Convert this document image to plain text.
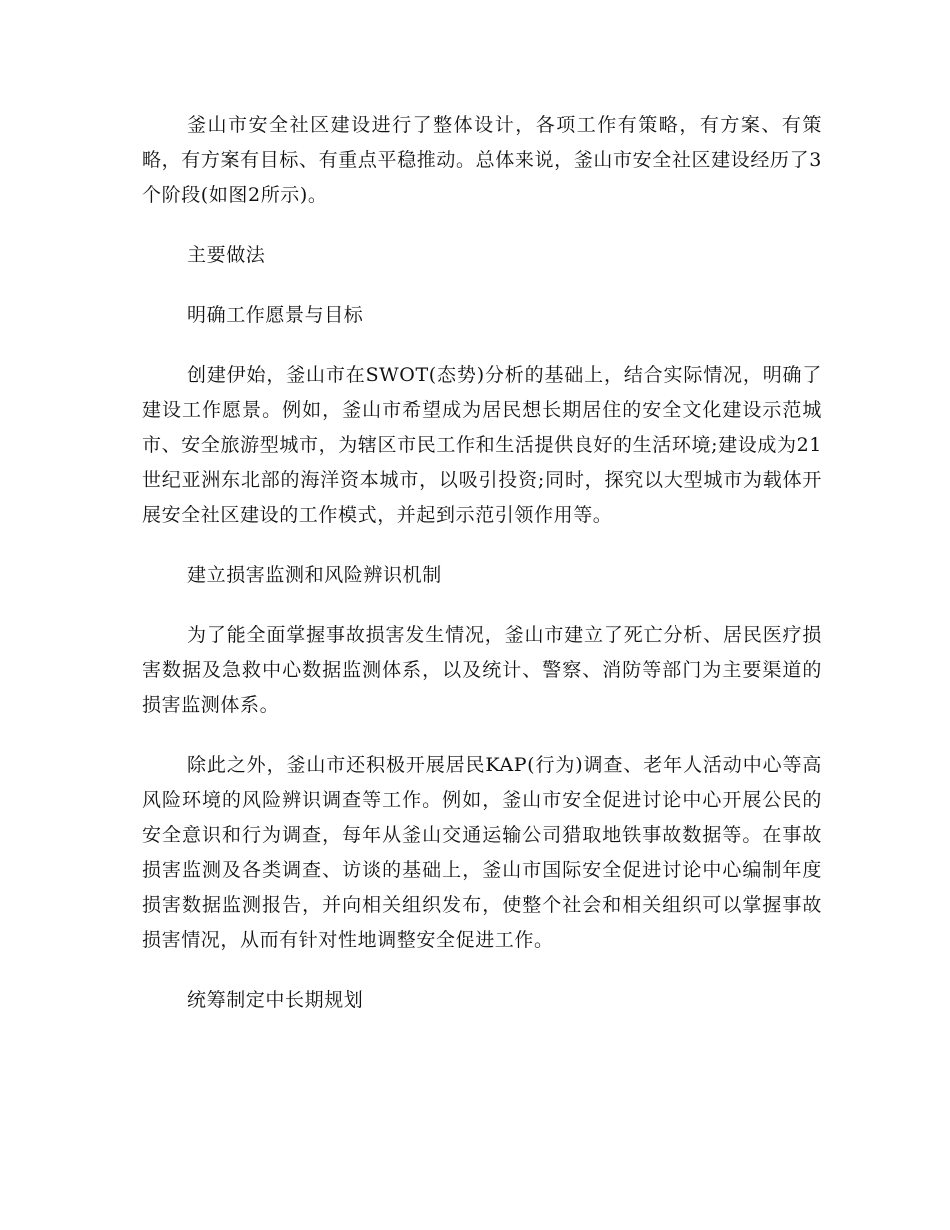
釜山市安全社区建设进行了整体设计，各项工作有策略，有方案、有策略，有方案有目标、有重点平稳推动。总体来说，釜山市安全社区建设经历了3个阶段(如图2所示)。

主要做法

明确工作愿景与目标

创建伊始，釜山市在SWOT(态势)分析的基础上，结合实际情况，明确了建设工作愿景。例如，釜山市希望成为居民想长期居住的安全文化建设示范城市、安全旅游型城市，为辖区市民工作和生活提供良好的生活环境;建设成为21世纪亚洲东北部的海洋资本城市，以吸引投资;同时，探究以大型城市为载体开展安全社区建设的工作模式，并起到示范引领作用等。

建立损害监测和风险辨识机制

为了能全面掌握事故损害发生情况，釜山市建立了死亡分析、居民医疗损害数据及急救中心数据监测体系，以及统计、警察、消防等部门为主要渠道的损害监测体系。

除此之外，釜山市还积极开展居民KAP(行为)调查、老年人活动中心等高风险环境的风险辨识调查等工作。例如，釜山市安全促进讨论中心开展公民的安全意识和行为调查，每年从釜山交通运输公司猎取地铁事故数据等。在事故损害监测及各类调查、访谈的基础上，釜山市国际安全促进讨论中心编制年度损害数据监测报告，并向相关组织发布，使整个社会和相关组织可以掌握事故损害情况，从而有针对性地调整安全促进工作。

统筹制定中长期规划
